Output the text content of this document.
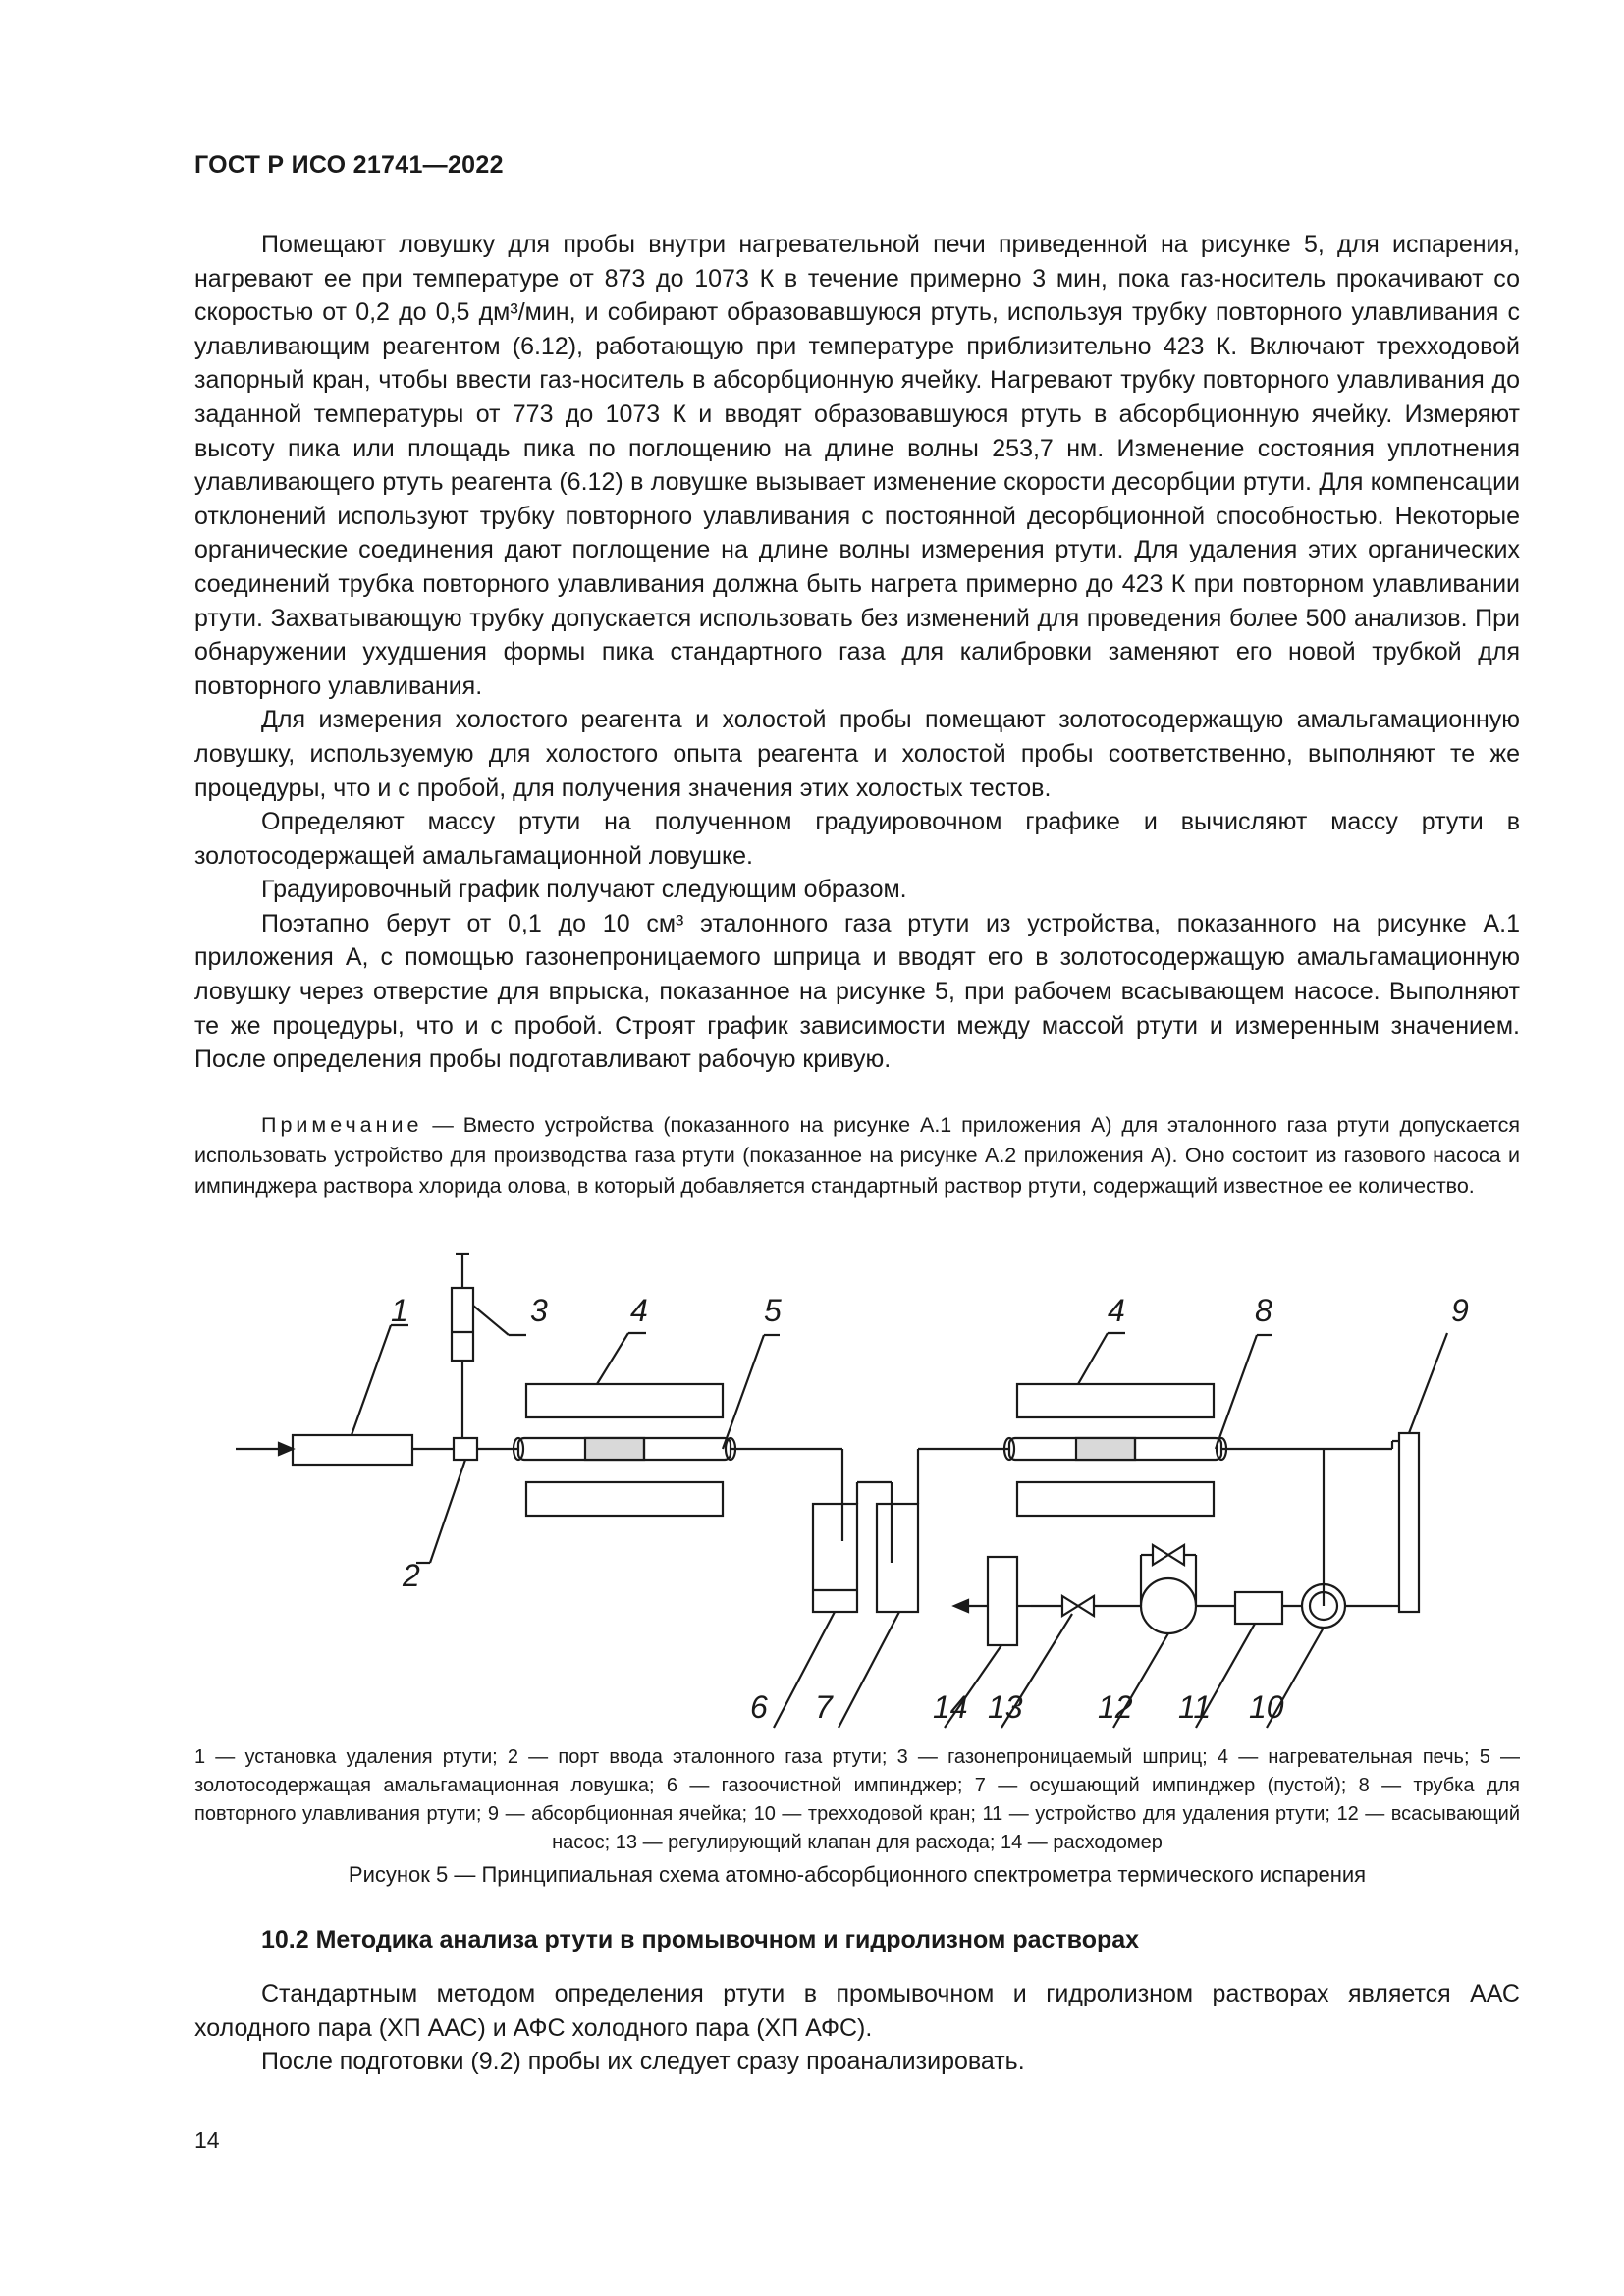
ГОСТ Р ИСО 21741—2022

Помещают ловушку для пробы внутри нагревательной печи приведенной на рисунке 5, для испарения, нагревают ее при температуре от 873 до 1073 К в течение примерно 3 мин, пока газ-носитель прокачивают со скоростью от 0,2 до 0,5 дм³/мин, и собирают образовавшуюся ртуть, используя трубку повторного улавливания с улавливающим реагентом (6.12), работающую при температуре приблизительно 423 К. Включают трехходовой запорный кран, чтобы ввести газ-носитель в абсорбционную ячейку. Нагревают трубку повторного улавливания до заданной температуры от 773 до 1073 К и вводят образовавшуюся ртуть в абсорбционную ячейку. Измеряют высоту пика или площадь пика по поглощению на длине волны 253,7 нм. Изменение состояния уплотнения улавливающего ртуть реагента (6.12) в ловушке вызывает изменение скорости десорбции ртути. Для компенсации отклонений используют трубку повторного улавливания с постоянной десорбционной способностью. Некоторые органические соединения дают поглощение на длине волны измерения ртути. Для удаления этих органических соединений трубка повторного улавливания должна быть нагрета примерно до 423 К при повторном улавливании ртути. Захватывающую трубку допускается использовать без изменений для проведения более 500 анализов. При обнаружении ухудшения формы пика стандартного газа для калибровки заменяют его новой трубкой для повторного улавливания.

Для измерения холостого реагента и холостой пробы помещают золотосодержащую амальгамационную ловушку, используемую для холостого опыта реагента и холостой пробы соответственно, выполняют те же процедуры, что и с пробой, для получения значения этих холостых тестов.

Определяют массу ртути на полученном градуировочном графике и вычисляют массу ртути в золотосодержащей амальгамационной ловушке.

Градуировочный график получают следующим образом.

Поэтапно берут от 0,1 до 10 см³ эталонного газа ртути из устройства, показанного на рисунке А.1 приложения А, с помощью газонепроницаемого шприца и вводят его в золотосодержащую амальгамационную ловушку через отверстие для впрыска, показанное на рисунке 5, при рабочем всасывающем насосе. Выполняют те же процедуры, что и с пробой. Строят график зависимости между массой ртути и измеренным значением. После определения пробы подготавливают рабочую кривую.

Примечание — Вместо устройства (показанного на рисунке А.1 приложения А) для эталонного газа ртути допускается использовать устройство для производства газа ртути (показанное на рисунке А.2 приложения А). Оно состоит из газового насоса и импинджера раствора хлорида олова, в который добавляется стандартный раствор ртути, содержащий известное ее количество.

1	3	4	5	4	8	9
2
6 7	14 13 12 11 10

1 — установка удаления ртути; 2 — порт ввода эталонного газа ртути; 3 — газонепроницаемый шприц; 4 — нагревательная печь; 5 — золотосодержащая амальгамационная ловушка; 6 — газоочистной импинджер; 7 — осушающий импинджер (пустой); 8 — трубка для повторного улавливания ртути; 9 — абсорбционная ячейка; 10 — трехходовой кран; 11 — устройство для удаления ртути; 12 — всасывающий насос; 13 — регулирующий клапан для расхода; 14 — расходомер

Рисунок 5 — Принципиальная схема атомно-абсорбционного спектрометра термического испарения

10.2 Методика анализа ртути в промывочном и гидролизном растворах

Стандартным методом определения ртути в промывочном и гидролизном растворах является ААС холодного пара (ХП ААС) и АФС холодного пара (ХП АФС).

После подготовки (9.2) пробы их следует сразу проанализировать.

14
